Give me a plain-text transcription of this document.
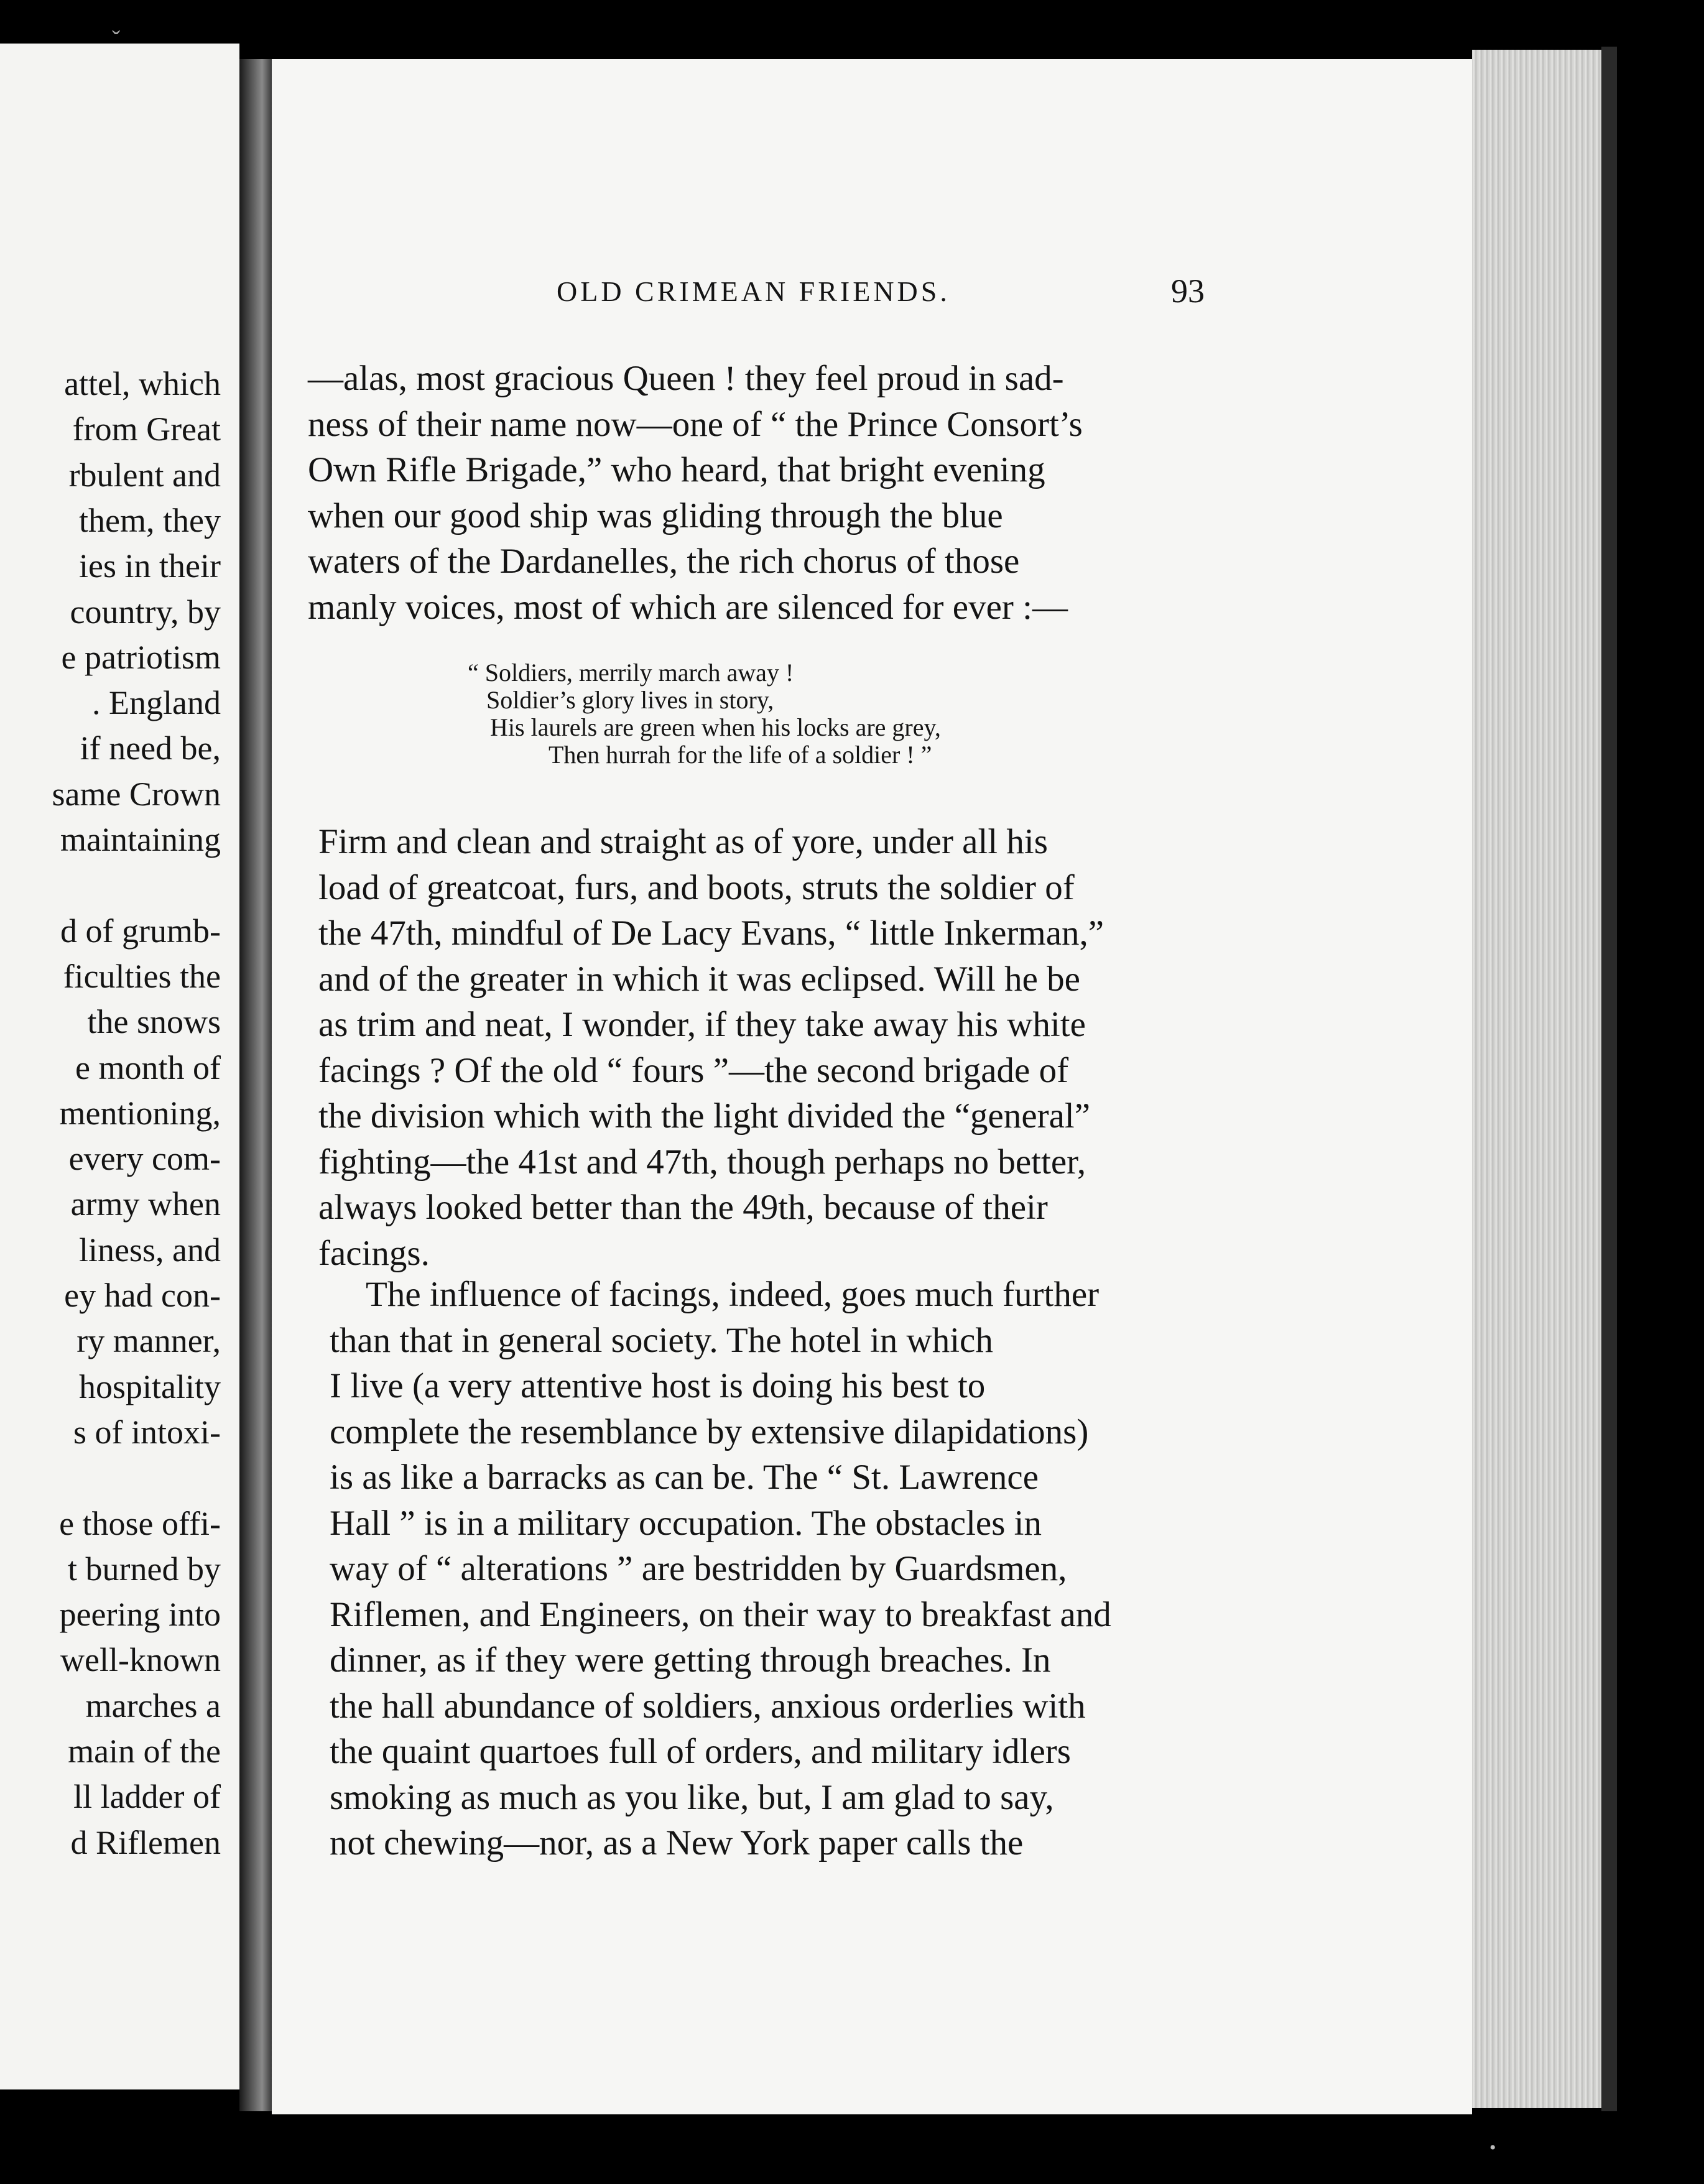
attel, which
from Great
rbulent and
them, they
ies in their
country, by
e patriotism
. England
if need be,
same Crown
maintaining
d of grumb-
ficulties the
the snows
e month of
mentioning,
every com-
army when
liness, and
ey had con-
ry manner,
hospitality
s of intoxi-
e those offi-
t burned by
peering into
well-known
marches a
main of the
ll ladder of
d Riflemen
OLD CRIMEAN FRIENDS.	93
—alas, most gracious Queen ! they feel proud in sad-
ness of their name now—one of “ the Prince Consort’s
Own Rifle Brigade,” who heard, that bright evening
when our good ship was gliding through the blue
waters of the Dardanelles, the rich chorus of those
manly voices, most of which are silenced for ever :—
“ Soldiers, merrily march away !
Soldier’s glory lives in story,
His laurels are green when his locks are grey,
Then hurrah for the life of a soldier ! ”
Firm and clean and straight as of yore, under all his
load of greatcoat, furs, and boots, struts the soldier of
the 47th, mindful of De Lacy Evans, “ little Inkerman,”
and of the greater in which it was eclipsed. Will he be
as trim and neat, I wonder, if they take away his white
facings ? Of the old “ fours ”—the second brigade of
the division which with the light divided the “general”
fighting—the 41st and 47th, though perhaps no better,
always looked better than the 49th, because of their
facings.
The influence of facings, indeed, goes much further
than that in general society. The hotel in which
I live (a very attentive host is doing his best to
complete the resemblance by extensive dilapidations)
is as like a barracks as can be. The “ St. Lawrence
Hall ” is in a military occupation. The obstacles in
way of “ alterations ” are bestridden by Guardsmen,
Riflemen, and Engineers, on their way to breakfast and
dinner, as if they were getting through breaches. In
the hall abundance of soldiers, anxious orderlies with
the quaint quartoes full of orders, and military idlers
smoking as much as you like, but, I am glad to say,
not chewing—nor, as a New York paper calls the
ˇ
•
